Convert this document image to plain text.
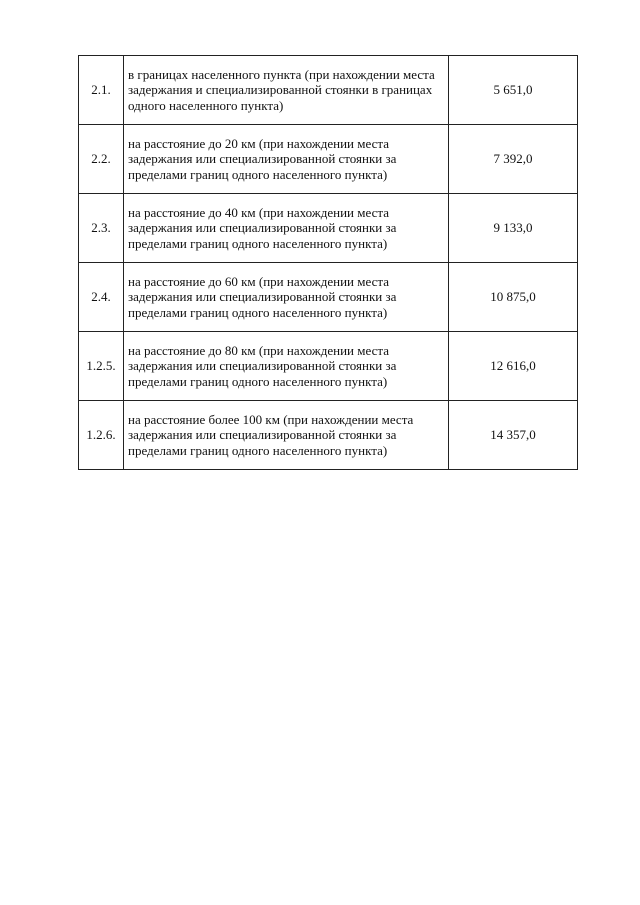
2.1.	в границах населенного пункта (при нахождении места задержания и специализированной стоянки в границах одного населенного пункта)	5 651,0
2.2.	на расстояние до 20 км (при нахождении места задержания или специализированной стоянки за пределами границ одного населенного пункта)	7 392,0
2.3.	на расстояние до 40 км (при нахождении места задержания или специализированной стоянки за пределами границ одного населенного пункта)	9 133,0
2.4.	на расстояние до 60 км (при нахождении места задержания или специализированной стоянки за пределами границ одного населенного пункта)	10 875,0
1.2.5.	на расстояние до 80 км (при нахождении места задержания или специализированной стоянки за пределами границ одного населенного пункта)	12 616,0
1.2.6.	на расстояние более 100 км (при нахождении места задержания или специализированной стоянки за пределами границ одного населенного пункта)	14 357,0
